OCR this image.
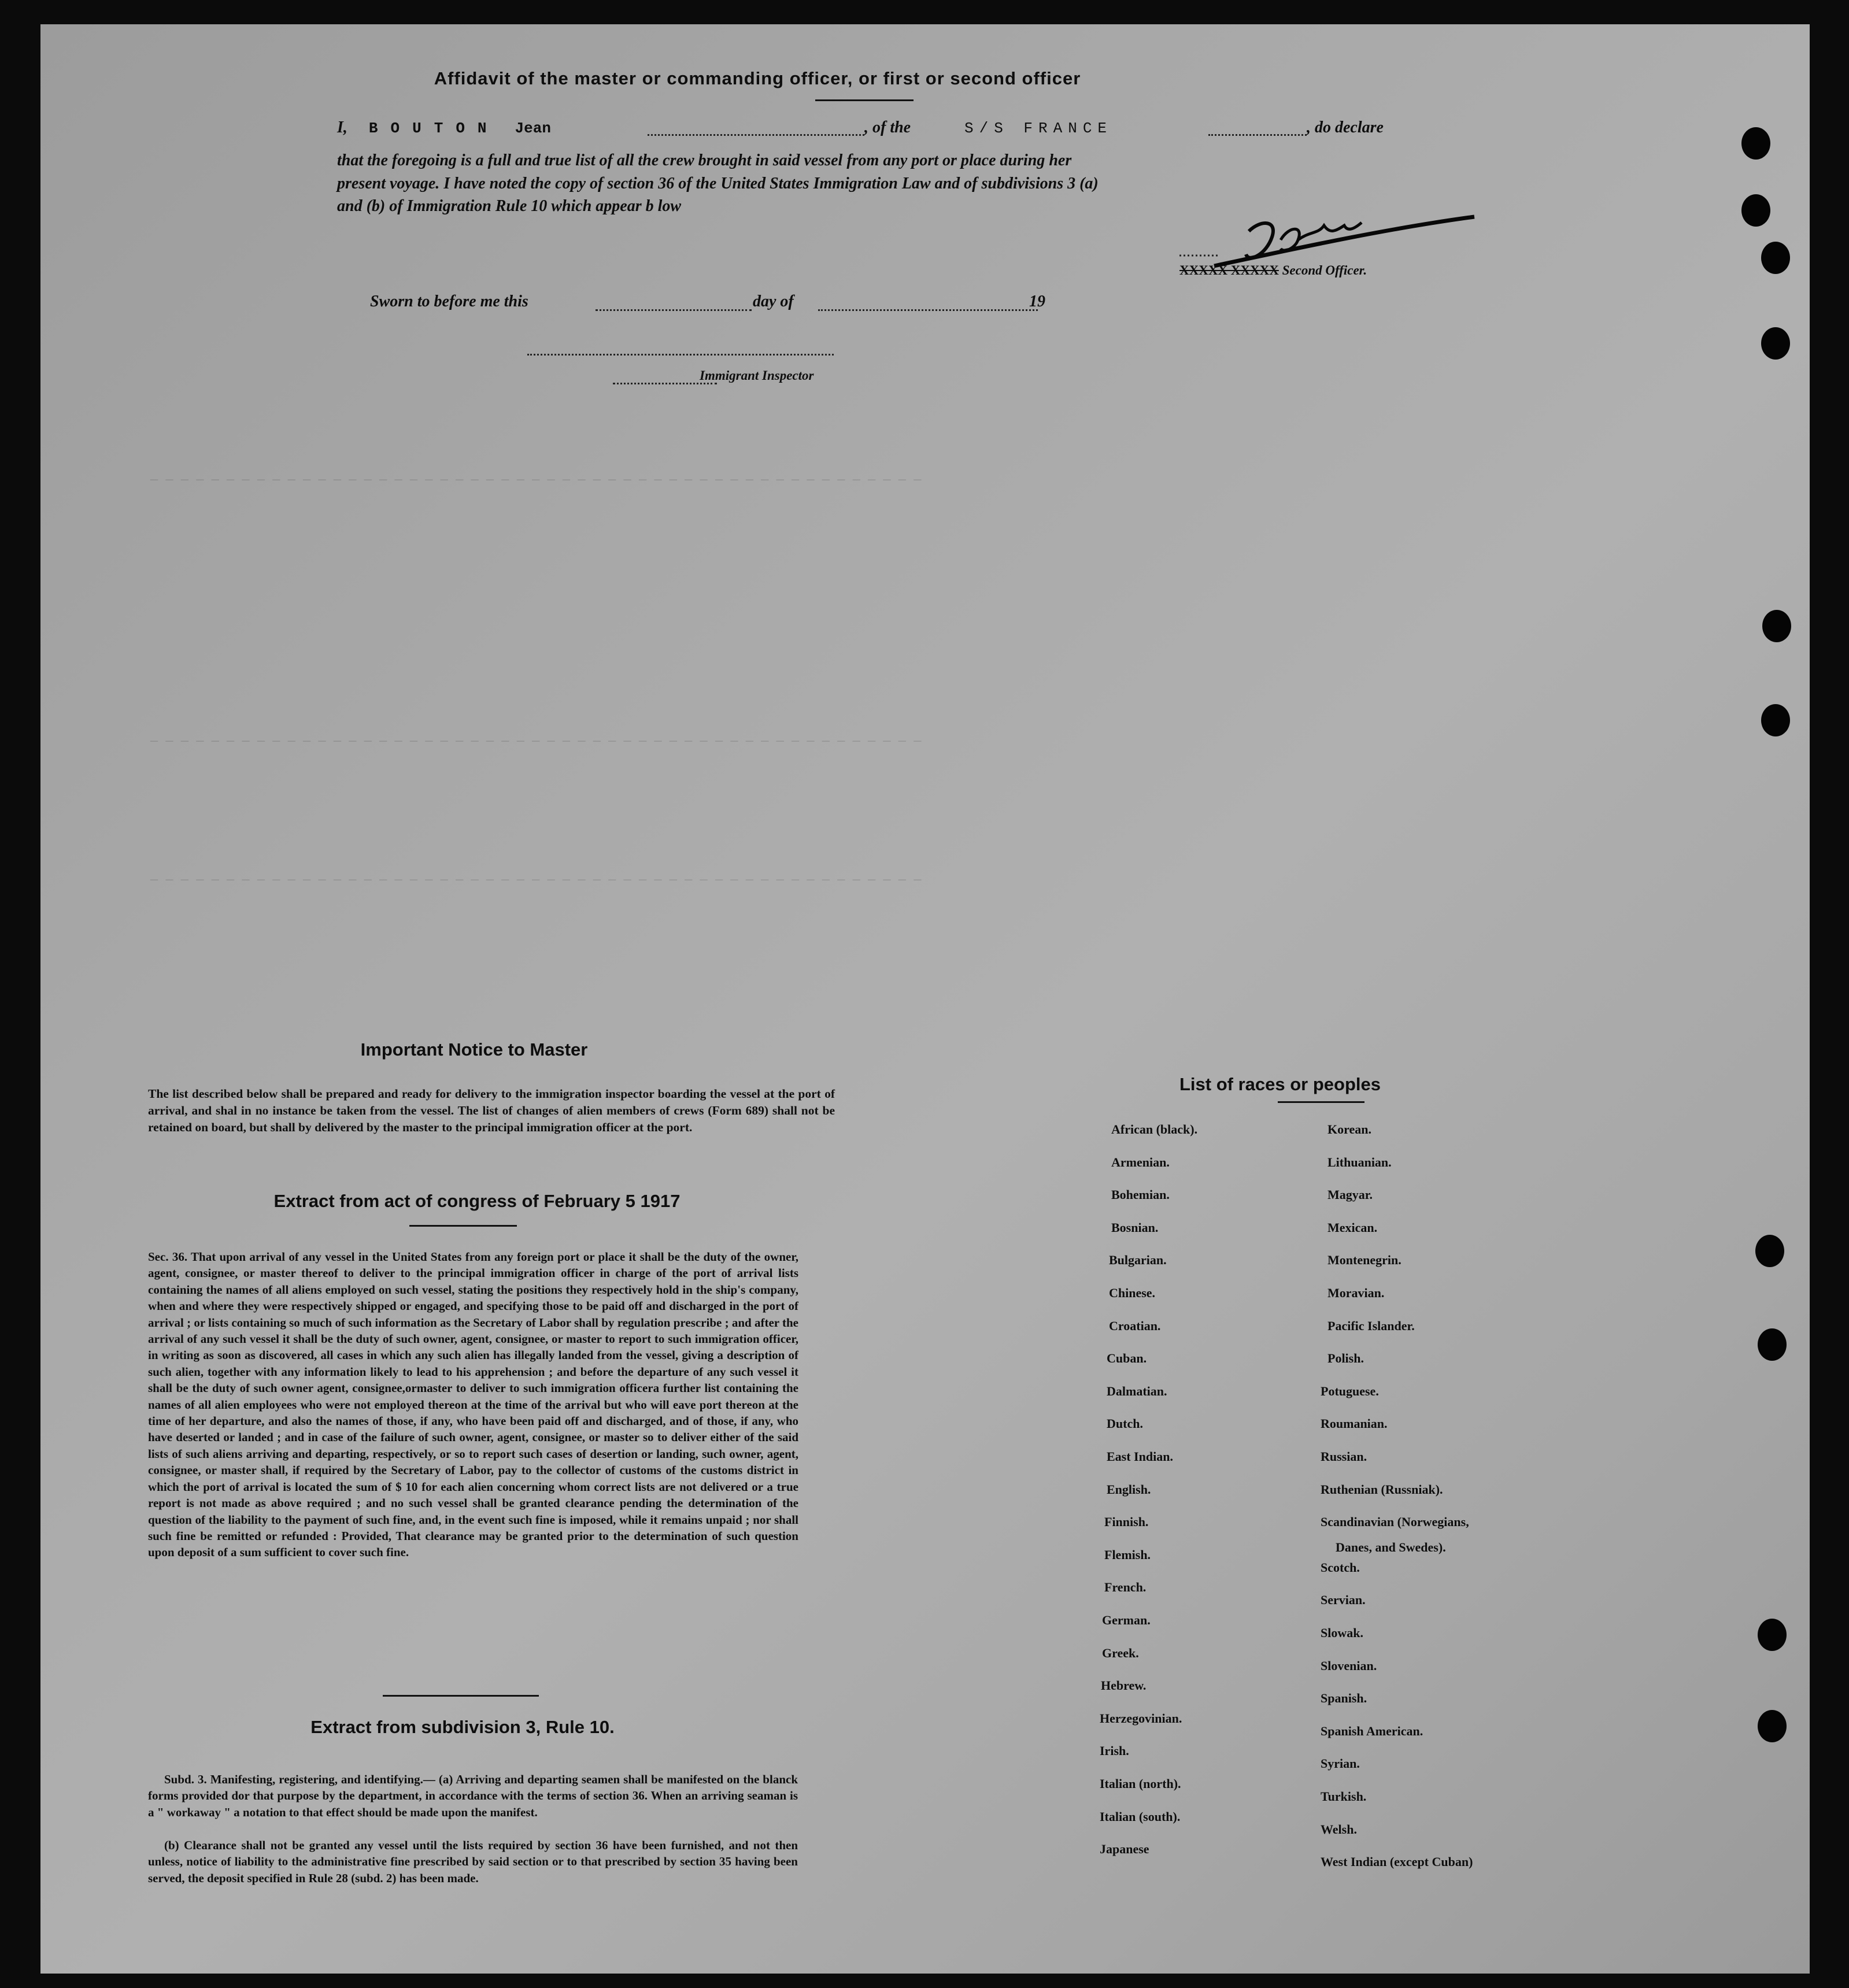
— — — — — — — — — — — — — — — — — — — — — — — — — — — — — — — — — — — — — — — — — — — — — — — — — — —
— — — — — — — — — — — — — — — — — — — — — — — — — — — — — — — — — — — — — — — — — — — — — — — — — — —
— — — — — — — — — — — — — — — — — — — — — — — — — — — — — — — — — — — — — — — — — — — — — — — — — — —
Affidavit of the master or commanding officer, or first or second officer
I, BOUTON Jean	, of the	S/S FRANCE	, do declare
that the foregoing is a full and true list of all the crew brought in said vessel from any port or place during her
present voyage. I have noted the copy of section 36 of the United States Immigration Law and of subdivisions 3 (a)
and (b) of Immigration Rule 10 which appear b low
XXXXX XXXXX Second Officer.
Sworn to before me this	day of	19
Immigrant Inspector
Important Notice to Master
The list described below shall be prepared and ready for delivery to the immigration inspector boarding the vessel at the port of arrival, and shal in no instance be taken from the vessel. The list of changes of alien members of crews (Form 689) shall not be retained on board, but shall by delivered by the master to the principal immigration officer at the port.
Extract from act of congress of February 5 1917
Sec. 36. That upon arrival of any vessel in the United States from any foreign port or place it shall be the duty of the owner, agent, consignee, or master thereof to deliver to the principal immigration officer in charge of the port of arrival lists containing the names of all aliens employed on such vessel, stating the positions they respectively hold in the ship's company, when and where they were respectively shipped or engaged, and specifying those to be paid off and discharged in the port of arrival ; or lists containing so much of such information as the Secretary of Labor shall by regulation prescribe ; and after the arrival of any such vessel it shall be the duty of such owner, agent, consignee, or master to report to such immigration officer, in writing as soon as discovered, all cases in which any such alien has illegally landed from the vessel, giving a description of such alien, together with any information likely to lead to his apprehension ; and before the departure of any such vessel it shall be the duty of such owner agent, consignee,ormaster to deliver to such immigration officera further list containing the names of all alien employees who were not employed thereon at the time of the arrival but who will eave port thereon at the time of her departure, and also the names of those, if any, who have been paid off and discharged, and of those, if any, who have deserted or landed ; and in case of the failure of such owner, agent, consignee, or master so to deliver either of the said lists of such aliens arriving and departing, respectively, or so to report such cases of desertion or landing, such owner, agent, consignee, or master shall, if required by the Secretary of Labor, pay to the collector of customs of the customs district in which the port of arrival is located the sum of $ 10 for each alien concerning whom correct lists are not delivered or a true report is not made as above required ; and no such vessel shall be granted clearance pending the determination of the question of the liability to the payment of such fine, and, in the event such fine is imposed, while it remains unpaid ; nor shall such fine be remitted or refunded : Provided, That clearance may be granted prior to the determination of such question upon deposit of a sum sufficient to cover such fine.
Extract from subdivision 3, Rule 10.
Subd. 3. Manifesting, registering, and identifying.— (a) Arriving and departing seamen shall be manifested on the blanck forms provided dor that purpose by the department, in accordance with the terms of section 36. When an arriving seaman is a " workaway " a notation to that effect should be made upon the manifest.
(b) Clearance shall not be granted any vessel until the lists required by section 36 have been furnished, and not then unless, notice of liability to the administrative fine prescribed by said section or to that prescribed by section 35 having been served, the deposit specified in Rule 28 (subd. 2) has been made.
List of races or peoples
African (black).
Armenian.
Bohemian.
Bosnian.
Bulgarian.
Chinese.
Croatian.
Cuban.
Dalmatian.
Dutch.
East Indian.
English.
Finnish.
Flemish.
French.
German.
Greek.
Hebrew.
Herzegovinian.
Irish.
Italian (north).
Italian (south).
Japanese
Korean.
Lithuanian.
Magyar.
Mexican.
Montenegrin.
Moravian.
Pacific Islander.
Polish.
Potuguese.
Roumanian.
Russian.
Ruthenian (Russniak).
Scandinavian (Norwegians,
Danes, and Swedes).
Scotch.
Servian.
Slowak.
Slovenian.
Spanish.
Spanish American.
Syrian.
Turkish.
Welsh.
West Indian (except Cuban)
